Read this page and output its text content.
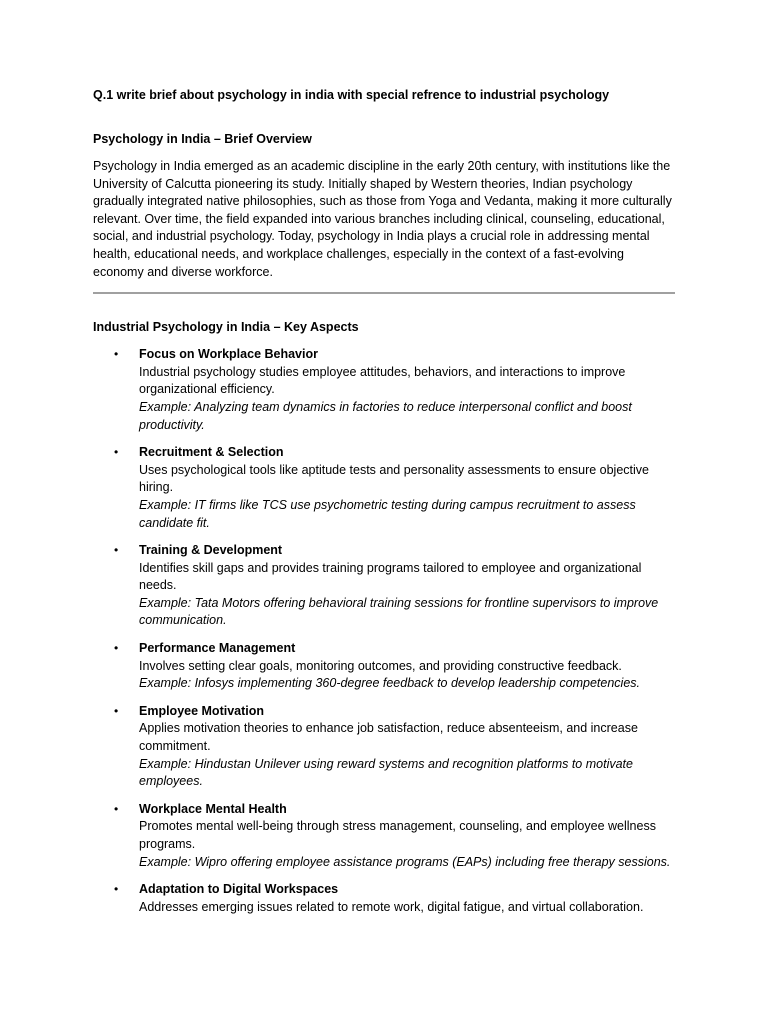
Q.1 write brief about psychology in india with special refrence to industrial psychology

Psychology in India – Brief Overview

Psychology in India emerged as an academic discipline in the early 20th century, with institutions like the University of Calcutta pioneering its study. Initially shaped by Western theories, Indian psychology gradually integrated native philosophies, such as those from Yoga and Vedanta, making it more culturally relevant. Over time, the field expanded into various branches including clinical, counseling, educational, social, and industrial psychology. Today, psychology in India plays a crucial role in addressing mental health, educational needs, and workplace challenges, especially in the context of a fast-evolving economy and diverse workforce.

Industrial Psychology in India – Key Aspects

• Focus on Workplace Behavior
Industrial psychology studies employee attitudes, behaviors, and interactions to improve organizational efficiency.
Example: Analyzing team dynamics in factories to reduce interpersonal conflict and boost productivity.
• Recruitment & Selection
Uses psychological tools like aptitude tests and personality assessments to ensure objective hiring.
Example: IT firms like TCS use psychometric testing during campus recruitment to assess candidate fit.
• Training & Development
Identifies skill gaps and provides training programs tailored to employee and organizational needs.
Example: Tata Motors offering behavioral training sessions for frontline supervisors to improve communication.
• Performance Management
Involves setting clear goals, monitoring outcomes, and providing constructive feedback.
Example: Infosys implementing 360-degree feedback to develop leadership competencies.
• Employee Motivation
Applies motivation theories to enhance job satisfaction, reduce absenteeism, and increase commitment.
Example: Hindustan Unilever using reward systems and recognition platforms to motivate employees.
• Workplace Mental Health
Promotes mental well-being through stress management, counseling, and employee wellness programs.
Example: Wipro offering employee assistance programs (EAPs) including free therapy sessions.
• Adaptation to Digital Workspaces
Addresses emerging issues related to remote work, digital fatigue, and virtual collaboration.
